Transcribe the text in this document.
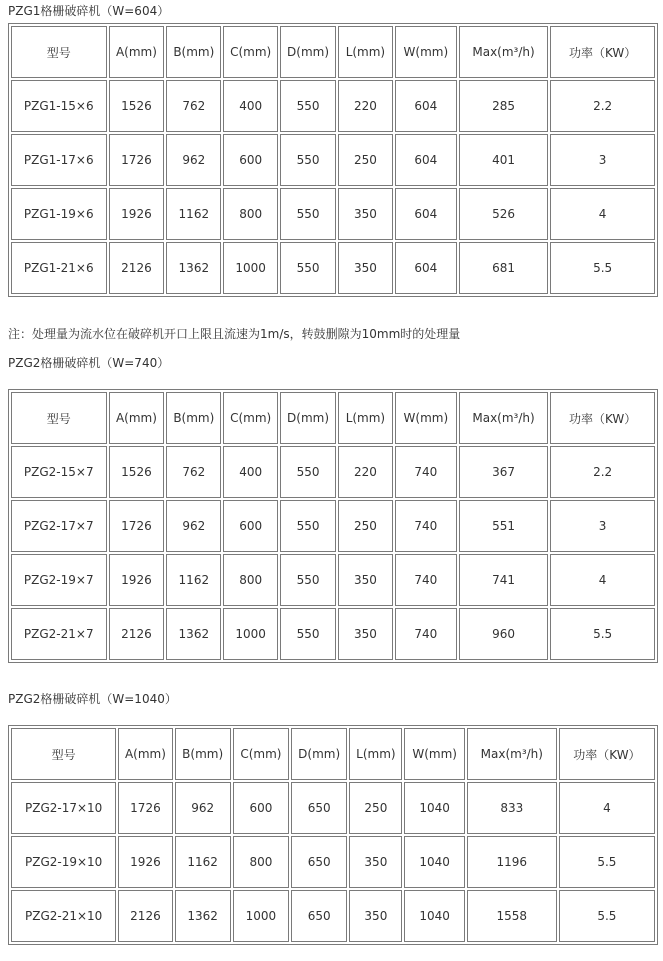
PZG1格栅破碎机（W=604）
型号	A(mm)	B(mm)	C(mm)	D(mm)	L(mm)	W(mm)	Max(m³/h)	功率（KW）
PZG1-15×6	1526	762	400	550	220	604	285	2.2
PZG1-17×6	1726	962	600	550	250	604	401	3
PZG1-19×6	1926	1162	800	550	350	604	526	4
PZG1-21×6	2126	1362	1000	550	350	604	681	5.5
注：处理量为流水位在破碎机开口上限且流速为1m/s，转鼓删隙为10mm时的处理量
PZG2格栅破碎机（W=740）
型号	A(mm)	B(mm)	C(mm)	D(mm)	L(mm)	W(mm)	Max(m³/h)	功率（KW）
PZG2-15×7	1526	762	400	550	220	740	367	2.2
PZG2-17×7	1726	962	600	550	250	740	551	3
PZG2-19×7	1926	1162	800	550	350	740	741	4
PZG2-21×7	2126	1362	1000	550	350	740	960	5.5
PZG2格栅破碎机（W=1040）
型号	A(mm)	B(mm)	C(mm)	D(mm)	L(mm)	W(mm)	Max(m³/h)	功率（KW）
PZG2-17×10	1726	962	600	650	250	1040	833	4
PZG2-19×10	1926	1162	800	650	350	1040	1196	5.5
PZG2-21×10	2126	1362	1000	650	350	1040	1558	5.5
